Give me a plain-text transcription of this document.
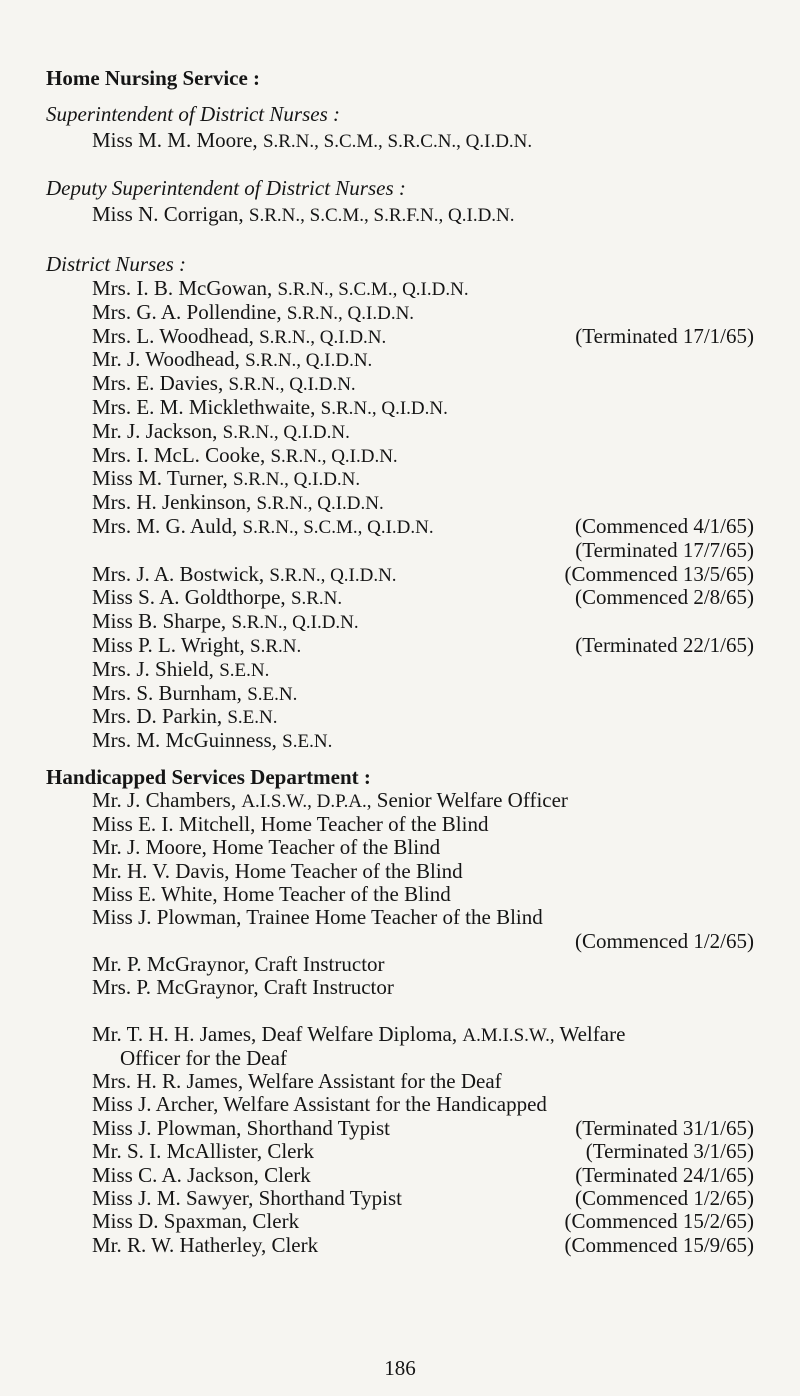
Home Nursing Service :
Superintendent of District Nurses :
Miss M. M. Moore, S.R.N., S.C.M., S.R.C.N., Q.I.D.N.
Deputy Superintendent of District Nurses :
Miss N. Corrigan, S.R.N., S.C.M., S.R.F.N., Q.I.D.N.
District Nurses :
Mrs. I. B. McGowan, S.R.N., S.C.M., Q.I.D.N.
Mrs. G. A. Pollendine, S.R.N., Q.I.D.N.
Mrs. L. Woodhead, S.R.N., Q.I.D.N.	(Terminated 17/1/65)
Mr. J. Woodhead, S.R.N., Q.I.D.N.
Mrs. E. Davies, S.R.N., Q.I.D.N.
Mrs. E. M. Micklethwaite, S.R.N., Q.I.D.N.
Mr. J. Jackson, S.R.N., Q.I.D.N.
Mrs. I. McL. Cooke, S.R.N., Q.I.D.N.
Miss M. Turner, S.R.N., Q.I.D.N.
Mrs. H. Jenkinson, S.R.N., Q.I.D.N.
Mrs. M. G. Auld, S.R.N., S.C.M., Q.I.D.N.	(Commenced 4/1/65)
(Terminated 17/7/65)
Mrs. J. A. Bostwick, S.R.N., Q.I.D.N.	(Commenced 13/5/65)
Miss S. A. Goldthorpe, S.R.N.	(Commenced 2/8/65)
Miss B. Sharpe, S.R.N., Q.I.D.N.
Miss P. L. Wright, S.R.N.	(Terminated 22/1/65)
Mrs. J. Shield, S.E.N.
Mrs. S. Burnham, S.E.N.
Mrs. D. Parkin, S.E.N.
Mrs. M. McGuinness, S.E.N.
Handicapped Services Department :
Mr. J. Chambers, A.I.S.W., D.P.A., Senior Welfare Officer
Miss E. I. Mitchell, Home Teacher of the Blind
Mr. J. Moore, Home Teacher of the Blind
Mr. H. V. Davis, Home Teacher of the Blind
Miss E. White, Home Teacher of the Blind
Miss J. Plowman, Trainee Home Teacher of the Blind
(Commenced 1/2/65)
Mr. P. McGraynor, Craft Instructor
Mrs. P. McGraynor, Craft Instructor
Mr. T. H. H. James, Deaf Welfare Diploma, A.M.I.S.W., Welfare
Officer for the Deaf
Mrs. H. R. James, Welfare Assistant for the Deaf
Miss J. Archer, Welfare Assistant for the Handicapped
Miss J. Plowman, Shorthand Typist	(Terminated 31/1/65)
Mr. S. I. McAllister, Clerk	(Terminated 3/1/65)
Miss C. A. Jackson, Clerk	(Terminated 24/1/65)
Miss J. M. Sawyer, Shorthand Typist	(Commenced 1/2/65)
Miss D. Spaxman, Clerk	(Commenced 15/2/65)
Mr. R. W. Hatherley, Clerk	(Commenced 15/9/65)
186
